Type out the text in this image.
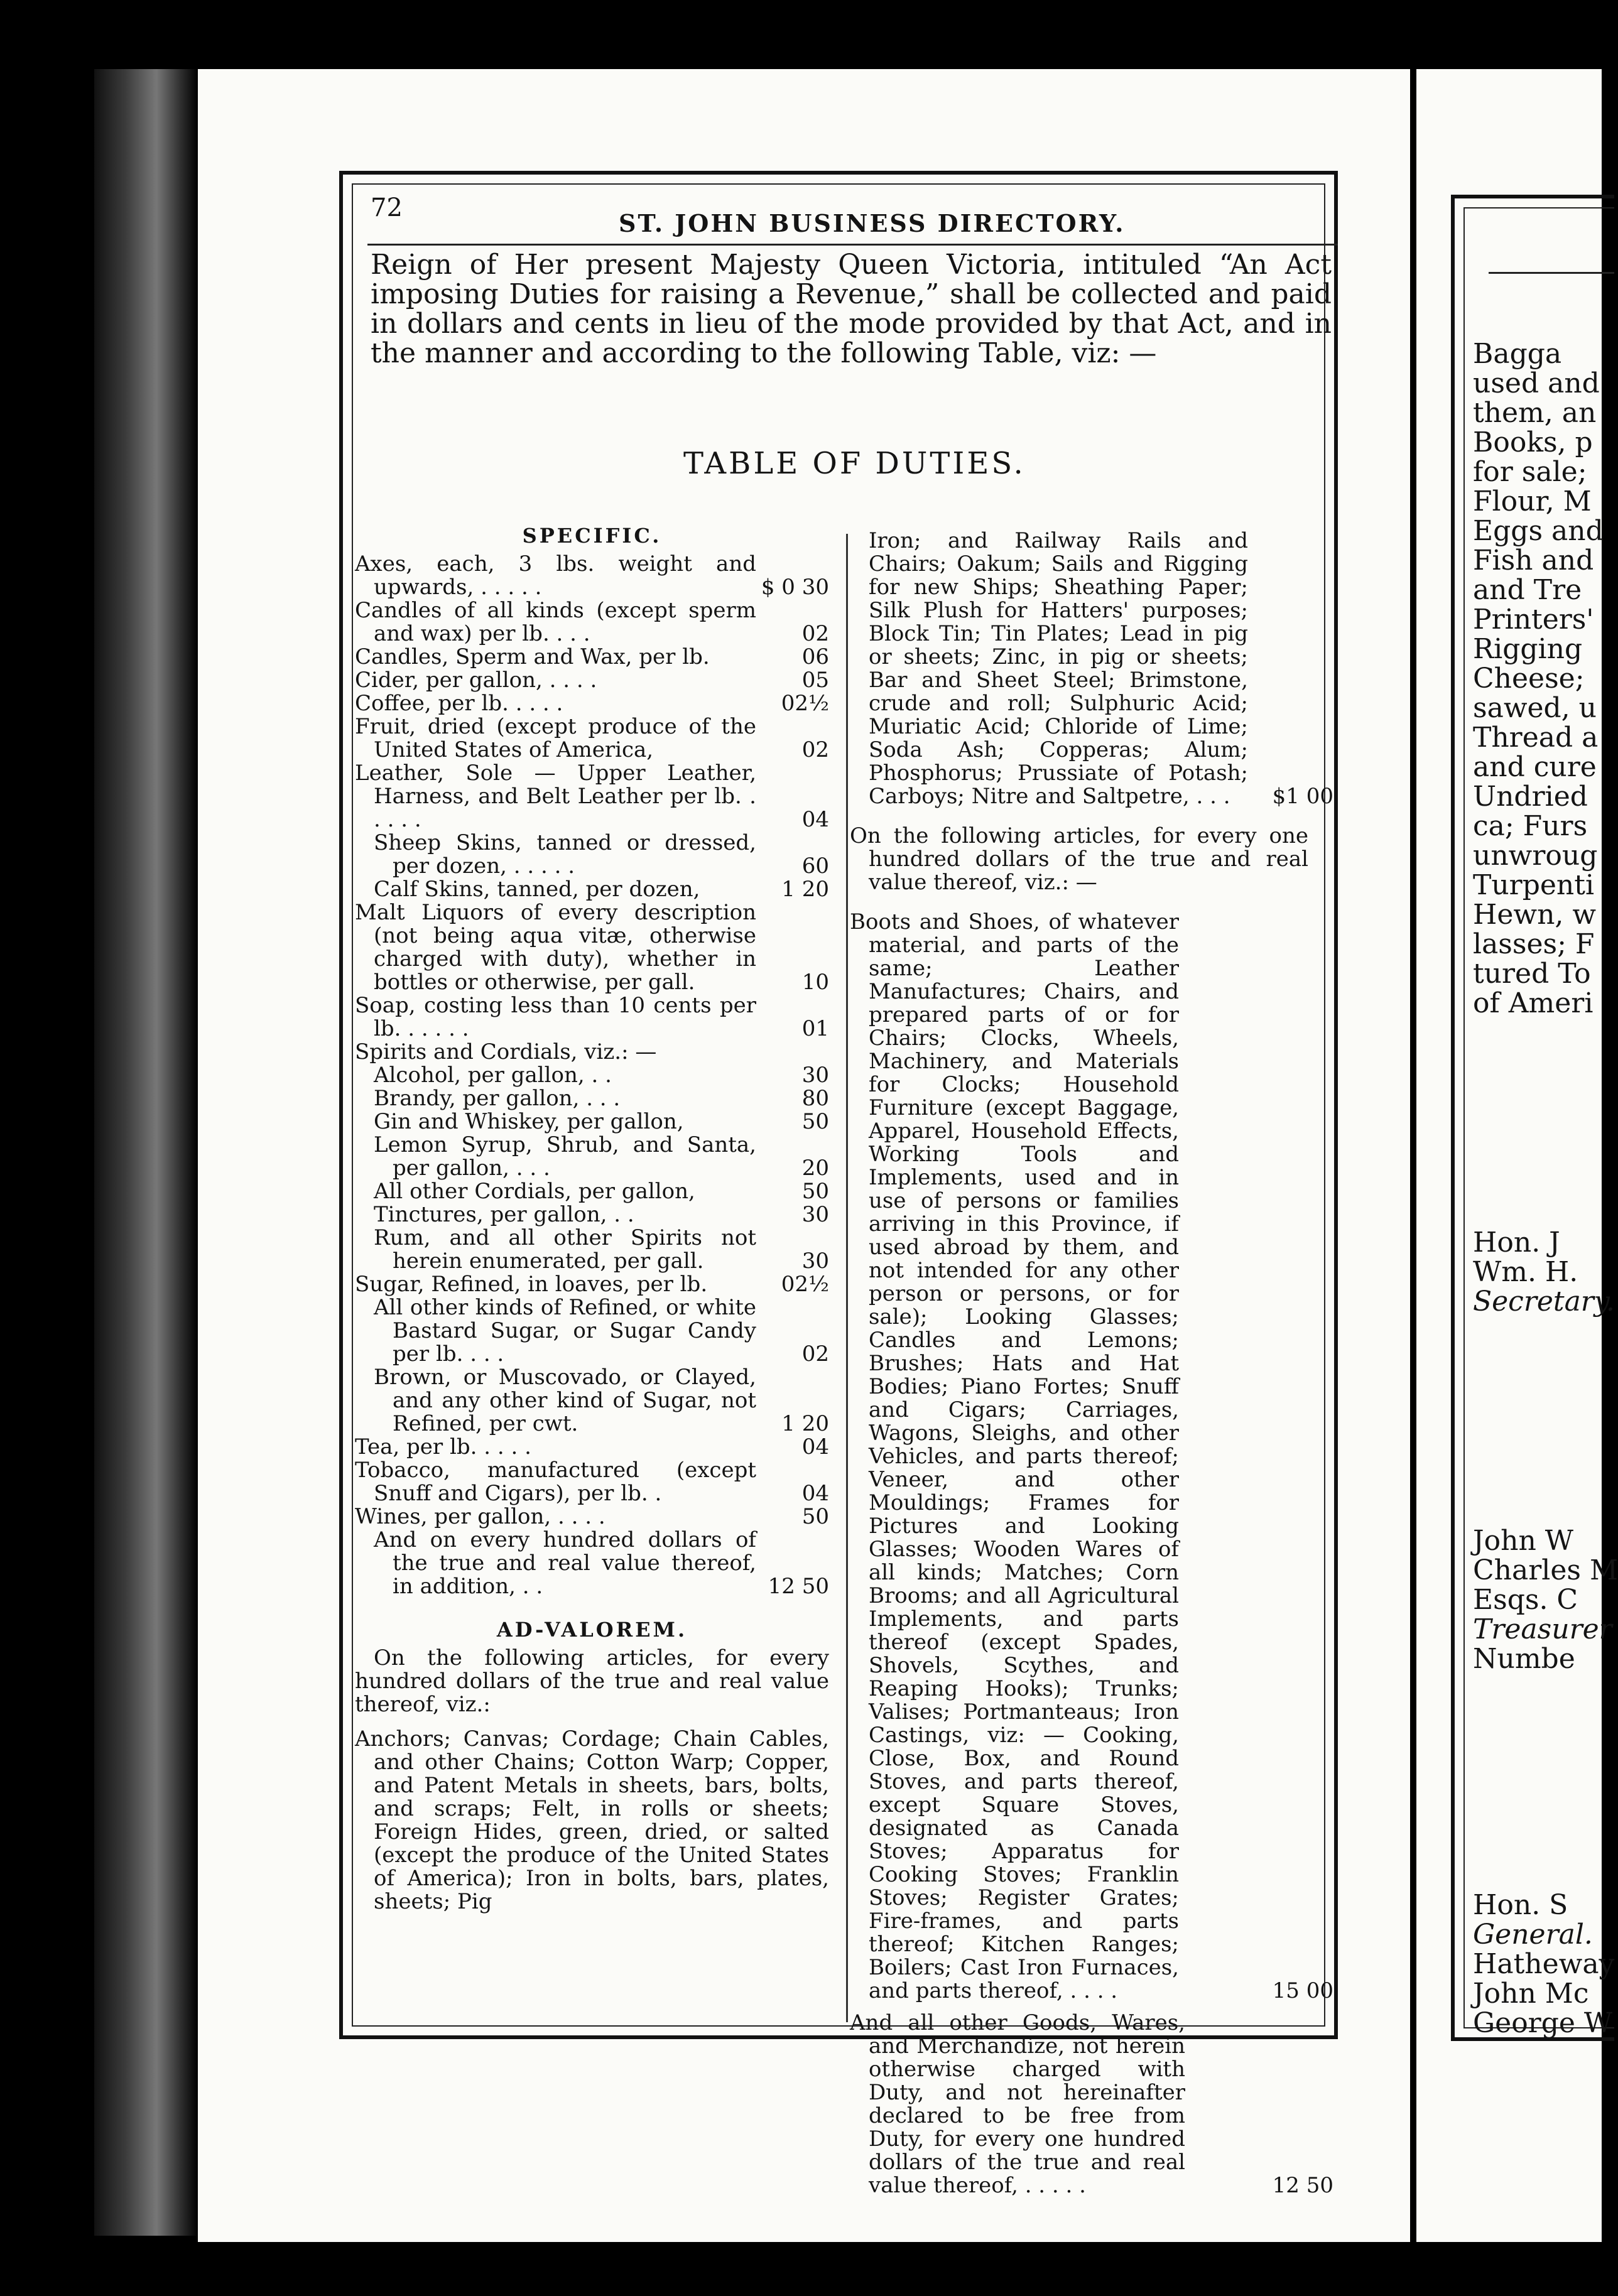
72
ST. JOHN BUSINESS DIRECTORY.
Reign of Her present Majesty Queen Victoria, intituled “An Act imposing Duties for raising a Revenue,” shall be collected and paid in dollars and cents in lieu of the mode provided by that Act, and in the manner and according to the following Table, viz: —
TABLE OF DUTIES.
SPECIFIC.
Axes, each, 3 lbs. weight and upwards, . . . . .	$ 0 30
Candles of all kinds (except sperm and wax) per lb. . . .	02
Candles, Sperm and Wax, per lb.	06
Cider, per gallon, . . . .	05
Coffee, per lb. . . . .	02½
Fruit, dried (except produce of the United States of America,	02
Leather, Sole — Upper Leather, Harness, and Belt Leather per lb. . . . . .	04
Sheep Skins, tanned or dressed, per dozen, . . . . .	60
Calf Skins, tanned, per dozen,	1 20
Malt Liquors of every description (not being aqua vitæ, otherwise charged with duty), whether in bottles or otherwise, per gall.	10
Soap, costing less than 10 cents per lb. . . . . .	01
Spirits and Cordials, viz.: —
Alcohol, per gallon, . .	30
Brandy, per gallon, . . .	80
Gin and Whiskey, per gallon,	50
Lemon Syrup, Shrub, and Santa, per gallon, . . .	20
All other Cordials, per gallon,	50
Tinctures, per gallon, . .	30
Rum, and all other Spirits not herein enumerated, per gall.	30
Sugar, Refined, in loaves, per lb.	02½
All other kinds of Refined, or white Bastard Sugar, or Sugar Candy per lb. . . .	02
Brown, or Muscovado, or Clayed, and any other kind of Sugar, not Refined, per cwt.	1 20
Tea, per lb. . . . .	04
Tobacco, manufactured (except Snuff and Cigars), per lb. .	04
Wines, per gallon, . . . .	50
And on every hundred dollars of the true and real value thereof, in addition, . .	12 50
AD-VALOREM.
On the following articles, for every hundred dollars of the true and real value thereof, viz.:
Anchors; Canvas; Cordage; Chain Cables, and other Chains; Cotton Warp; Copper, and Patent Metals in sheets, bars, bolts, and scraps; Felt, in rolls or sheets; Foreign Hides, green, dried, or salted (except the produce of the United States of America); Iron in bolts, bars, plates, sheets; Pig
Iron; and Railway Rails and Chairs; Oakum; Sails and Rigging for new Ships; Sheathing Paper; Silk Plush for Hatters' purposes; Block Tin; Tin Plates; Lead in pig or sheets; Zinc, in pig or sheets; Bar and Sheet Steel; Brimstone, crude and roll; Sulphuric Acid; Muriatic Acid; Chloride of Lime; Soda Ash; Copperas; Alum; Phosphorus; Prussiate of Potash; Carboys; Nitre and Saltpetre, . . .	$1 00
On the following articles, for every one hundred dollars of the true and real value thereof, viz.: —
Boots and Shoes, of whatever material, and parts of the same; Leather Manufactures; Chairs, and prepared parts of or for Chairs; Clocks, Wheels, Machinery, and Materials for Clocks; Household Furniture (except Baggage, Apparel, Household Effects, Working Tools and Implements, used and in use of persons or families arriving in this Province, if used abroad by them, and not intended for any other person or persons, or for sale); Looking Glasses; Candles and Lemons; Brushes; Hats and Hat Bodies; Piano Fortes; Snuff and Cigars; Carriages, Wagons, Sleighs, and other Vehicles, and parts thereof; Veneer, and other Mouldings; Frames for Pictures and Looking Glasses; Wooden Wares of all kinds; Matches; Corn Brooms; and all Agricultural Implements, and parts thereof (except Spades, Shovels, Scythes, and Reaping Hooks); Trunks; Valises; Portmanteaus; Iron Castings, viz: — Cooking, Close, Box, and Round Stoves, and parts thereof, except Square Stoves, designated as Canada Stoves; Apparatus for Cooking Stoves; Franklin Stoves; Register Grates; Fire-frames, and parts thereof; Kitchen Ranges; Boilers; Cast Iron Furnaces, and parts thereof, . . . .	15 00
And all other Goods, Wares, and Merchandize, not herein otherwise charged with Duty, and not hereinafter declared to be free from Duty, for every one hundred dollars of the true and real value thereof, . . . . .	12 50
Bagga
used and
them, an
Books, p
for sale;
Flour, M
Eggs and
Fish and
and Tre
Printers'
Rigging
Cheese;
sawed, u
Thread a
and cure
Undried
ca; Furs
unwroug
Turpenti
Hewn, w
lasses; F
tured To
of Ameri
Hon. J
Wm. H.
Secretary.
John W
Charles M
Esqs. C
Treasurer
Numbe
Hon. S
General.
Hatheway
John Mc
George W
